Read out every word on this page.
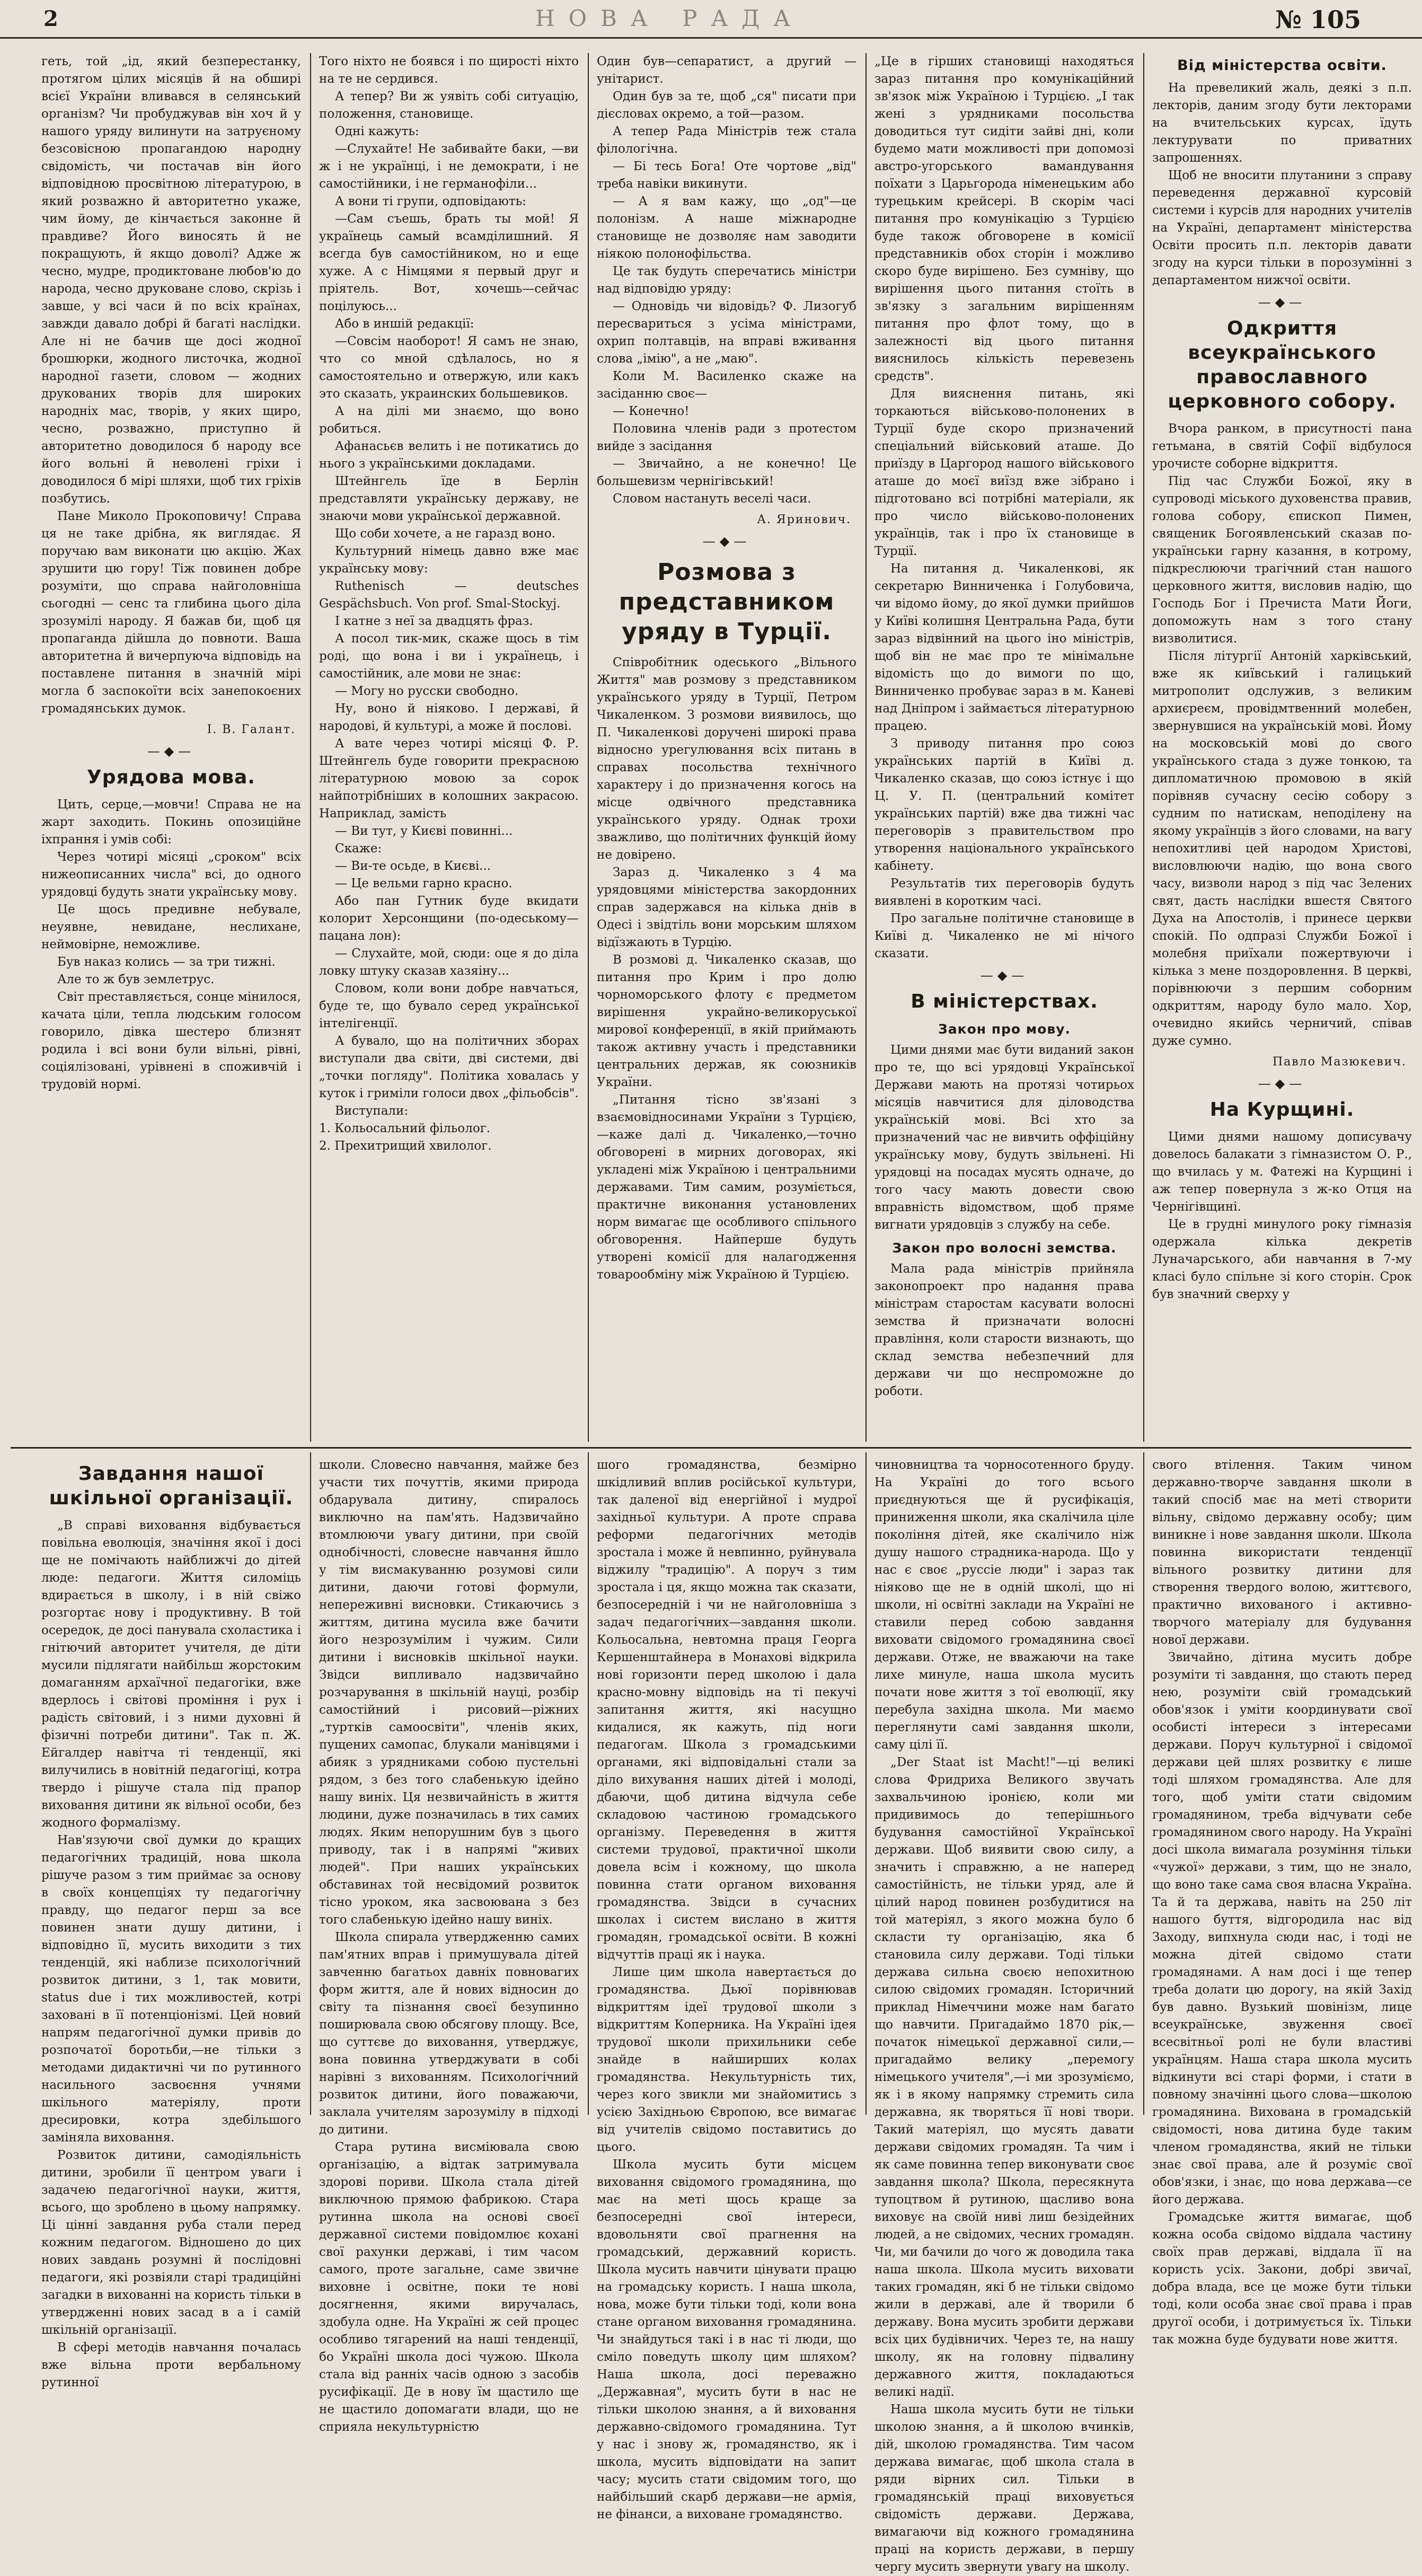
2	НОВА РАДА	№ 105

геть, той „ід, який безперестанку, протягом цілих місяців й на обширі всієї України вливався в селянський організм? Чи пробуджував він хоч й у нашого уряду вилинути на затруєному безсовісною пропагандою народну свідомість, чи постачав він його відповідною просвітною літературою, в який розважно й авторитетно укаже, чим йому, де кінчається законне й правдиве? Його виносять й не покращують, й якщо доволі? Адже ж чесно, мудре, продиктоване любов'ю до народа, чесно друковане слово, скрізь і завше, у всі часи й по всіх країнах, завжди давало добрі й багаті наслідки. Але ні не бачив ще досі жодної брошюрки, жодного листочка, жодної народної газети, словом — жодних друкованих творів для широких народніх мас, творів, у яких щиро, чесно, розважно, приступно й авторитетно доводилося б народу все його вольні й неволені гріхи і доводилося б мірі шляхи, щоб тих гріхів позбутись.

Пане Миколо Прокоповичу! Справа ця не таке дрібна, як виглядає. Я поручаю вам виконати цю акцію. Жах зрушити цю гору! Тіж повинен добре розуміти, що справа найголовніша сьогодні — сенс та глибина цього діла зрозумілі народу. Я бажав би, щоб ця пропаганда дійшла до повноти. Ваша авторитетна й вичерпуюча відповідь на поставлене питання в значній мірі могла б заспокоїти всіх занепокоєних громадянських думок.

І. В. Галант.
—◆—
Урядова мова.

Цить, серце,—мовчи! Справа не на жарт заходить. Покинь опозиційне іхпрання і умів собі:

Через чотирі місяці „сроком" всіх нижеописанних числа" всі, до одного урядовці будуть знати українську мову.

Це щось предивне небувале, неуявне, невидане, неслихане, неймовірне, неможливе.

Був наказ колись — за три тижні.

Але то ж був землетрус.

Світ преставляється, сонце мінилося, качата ціли, тепла людським голосом говорило, дівка шестеро близнят родила і всі вони були вільні, рівні, соціялізовані, урівнені в споживчій і трудовій нормі.

Того ніхто не боявся і по щирості ніхто на те не сердився.

А тепер? Ви ж уявіть собі ситуацію, положення, становище.

Одні кажуть:

—Слухайте! Не забивайте баки, —ви ж і не українці, і не демократи, і не самостійники, і не германофіли...

А вони ті групи, одповідають:

—Сам съешь, брать ты мой! Я українець самый всамділишний. Я всегда був самостійником, но и еще хуже. А с Німцями я первый друг и пріятель. Вот, хочешь—сейчас поцілуюсь...

Або в иншій редакції:

—Совсім наоборот! Я самъ не знаю, что со мной сдѣлалось, но я самостоятельно и отвержую, или какъ это сказать, украинских большевиков.

А на ділі ми знаємо, що воно робиться.

Афанасьєв велить і не потикатись до нього з українськими докладами.

Штейнгель їде в Берлін представляти українську державу, не знаючи мови української державной.

Що соби хочете, а не гаразд воно.

Культурний німець давно вже має українську мову:

Ruthenisch — deutsches Gespächsbuch. Von prof. Smal-Stockyj.

І катне з неї за двадцять фраз.

А посол тик-мик, скаже щось в тім роді, що вона і ви і українець, і самостійник, але мови не знає:

— Могу но русски свободно.

Ну, воно й ніяково. І державі, й народові, й культурі, а може й послові.

А вате через чотирі місяці Ф. Р. Штейнгель буде говорити прекрасною літературною мовою за сорок найпотрібніших в колошних закрасою. Наприклад, замість

— Ви тут, у Києві повинні...

Скаже:

— Ви-те осьде, в Києві...

— Це вельми гарно красно.

Або пан Гутник буде вкидати колорит Херсонщини (по-одеському—пацана лон):

— Слухайте, мой, сюди: оце я до діла ловку штуку сказав хазяіну...

Словом, коли вони добре навчаться, буде те, що бувало серед української інтелігенції.

А бувало, що на політичних зборах виступали два світи, дві системи, дві „точки погляду". Політика ховалась у куток і гриміли голоси двох „фільобсів".

Виступали:

1. Кольосальний фільолог.

2. Прехитрищий хвилолог.

Один був—сепаратист, а другий —унітарист.

Один був за те, щоб „ся" писати при дієсловах окремо, а той—разом.

А тепер Рада Міністрів теж стала філологічна.

— Бі тесь Бога! Оте чортове „від" треба навіки викинути.

— А я вам кажу, що „од"—це полонізм. А наше міжнародне становище не дозволяє нам заводити ніякою полонофільства.

Це так будуть сперечатись міністри над відповідю уряду:

— Одновідь чи відовідь? Ф. Лизогуб пересвариться з усіма міністрами, охрип полтавців, на вправі вживання слова „імію", а не „маю".

Коли М. Василенко скаже на засіданню своє—

— Конечно!

Половина членів ради з протестом вийде з засідання

— Звичайно, а не конечно! Це большевизм чернігівський!

Словом настануть веселі часи.

А. Яринович.
—◆—
Розмова з представником уряду в Турції.

Співробітник одеського „Вільного Життя" мав розмову з представником українського уряду в Турції, Петром Чикаленком. З розмови виявилось, що П. Чикаленкові доручені широкі права відносно урегулювання всіх питань в справах посольства технічного характеру і до призначення когось на місце одвічного представника українського уряду. Однак трохи зважливо, що політичних функцій йому не довірено.

Зараз д. Чикаленко з 4 ма урядовцями міністерства закордонних справ задержався на кілька днів в Одесі і звідтіль вони морським шляхом відїзжають в Турцію.

В розмові д. Чикаленко сказав, що питання про Крим і про долю чорноморського флоту є предметом вирішення украйно-великоруської мирової конференції, в якій приймають також активну участь і представники центральних держав, як союзників України.

„Питання тісно зв'язані з взаємовідносинами України з Турцією,—каже далі д. Чикаленко,—точно обговорені в мирних договорах, які укладені між Україною і центральними державами. Тим самим, розуміється, практичне виконання установлених норм вимагає ще особливого спільного обговорення. Найперше будуть утворені комісії для налагодження товарообміну між Україною й Турцією.

„Це в гірших становищі находяться зараз питання про комунікаційний зв'язок між Україною і Турцією. „І так жені з урядниками посольства доводиться тут сидіти зайві дні, коли будемо мати можливості при допомозі австро-угорського вамандування поїхати з Царьгорода німенецьким або турецьким крейсері. В скорім часі питання про комунікацію з Турцією буде також обговорене в комісії представників обох сторін і можливо скоро буде вирішено. Без сумніву, що вирішення цього питання стоїть в зв'язку з загальним вирішенням питання про флот тому, що в залежності від цього питання вияснилось кількість перевезень средств".

Для вияснення питань, які торкаються військово-полонених в Турції буде скоро призначений спеціальний військовий аташе. До приїзду в Царгород нашого військового аташе до моєї виїзд вже зібрано і підготовано всі потрібні матеріали, як про число військово-полонених українців, так і про їх становище в Турції.

На питання д. Чикаленкові, як секретарю Винниченка і Голубовича, чи відомо йому, до якої думки прийшов у Київі колишня Центральна Рада, бути зараз відвінний на цього іно міністрів, щоб він не має про те мінімальне відомість що до вимоги по що, Винниченко пробуває зараз в м. Каневі над Дніпром і займається літературною працею.

З приводу питання про союз українських партій в Київі д. Чикаленко сказав, що союз істнує і що Ц. У. П. (центральний комітет українських партій) вже два тижні час переговорів з правительством про утворення національного українського кабінету.

Результатів тих переговорів будуть виявлені в коротким часі.

Про загальне політичне становище в Київі д. Чикаленко не мі нічого сказати.

—◆—
В міністерствах.
Закон про мову.

Цими днями має бути виданий закон про те, що всі урядовці Української Держави мають на протязі чотирьох місяців навчитися для діловодства українській мові. Всі хто за призначений час не вивчить оффіційну українську мову, будуть звільнені. Ні урядовці на посадах мусять одначе, до того часу мають довести свою вправність відомством, щоб пряме вигнати урядовців з службу на себе.

Закон про волосні земства.

Мала рада міністрів прийняла законопроект про надання права міністрам старостам касувати волосні земства й призначати волосні правління, коли старости визнають, що склад земства небезпечний для держави чи що неспроможне до роботи.

Від міністерства освіти.

На превеликий жаль, деякі з п.п. лекторів, даним згоду бути лекторами на вчительських курсах, їдуть лектурувати по приватних запрошеннях.

Щоб не вносити плутанини з справу переведення державної курсовій системи і курсів для народних учителів на Україні, департамент міністерства Освіти просить п.п. лекторів давати згоду на курси тільки в порозумінні з департаментом нижчої освіти.

—◆—
Одкриття всеукраїнського православного церковного собору.

Вчора ранком, в присутності пана гетьмана, в святій Софії відбулося урочисте соборне відкриття.

Під час Служби Божої, яку в супроводі міського духовенства правив, голова собору, єпископ Пимен, священик Богоявленський сказав по-українськи гарну казання, в котрому, підкреслюючи трагічний стан нашого церковного життя, висловив надію, що Господь Бог і Пречиста Мати Йоги, допоможуть нам з того стану визволитися.

Після літургії Антоній харківський, вже як київський і галицький митрополит одслужив, з великим архиєреєм, провідмтвенний молебен, звернувшися на українській мові. Йому на московській мові до свого українського стада з дуже тонкою, та дипломатичною промовою в якій порівняв сучасну сесію собору з судним по натискам, неподілену на якому українців з його словами, на вагу непохитливі цей народом Христові, висловлюючи надію, що вона свого часу, визволи народ з під час Зелених свят, дасть наслідки вшестя Святого Духа на Апостолів, і принесе церкви спокій. По одпразі Служби Божої і молебня приїхали пожертвуючи і кілька з мене поздоровлення. В церкві, порівнюючи з першим соборним одкриттям, народу було мало. Хор, очевидно якийсь черничий, співав дуже сумно.

Павло Мазюкевич.
—◆—
На Курщині.

Цими днями нашому дописувачу довелось балакати з гімназистом О. Р., що вчилась у м. Фатежі на Курщині і аж тепер повернула з ж-ко Отця на Чернігівщині.

Це в грудні минулого року гімназія одержала кілька декретів Луначарського, аби навчання в 7-му класі було спільне зі кого сторін. Срок був значний сверху у

Завдання нашої шкільної організації.

„В справі виховання відбувається повільна еволюція, значіння якої і досі ще не помічають найближчі до дітей люде: педагоги. Життя силоміць вдирається в школу, і в ній свіжо розгортає нову і продуктивну. В той осередок, де досі панувала схоластика і гнітючий авторитет учителя, де діти мусили підлягати найбільш жорстоким домаганням архаїчної педагогіки, вже вдерлось і світові проміння і рух і радість світовий, і з ними духовні й фізичні потреби дитини". Так п. Ж. Ейгалдер навітча ті тенденції, які вилучились в новітній педагогіці, котра твердо і рішуче стала під прапор виховання дитини як вільної особи, без жодного формалізму.

Нав'язуючи свої думки до кращих педагогічних традицій, нова школа рішуче разом з тим приймає за основу в своїх концепціях ту педагогічну правду, що педагог перш за все повинен знати душу дитини, і відповідно її, мусить виходити з тих тенденцій, які наблизе психологічний розвиток дитини, з 1, так мовити, status due і тих можливостей, котрі заховані в її потенціонізмі. Цей новий напрям педагогічної думки привів до розпочатої боротьби,—не тільки з методами дидактичні чи по рутинного насильного засвоєння учнями шкільного матеріялу, проти дресировки, котра здебільшого заміняла виховання.

Розвиток дитини, самодіяльність дитини, зробили її центром уваги і задачею педагогічної науки, життя, всього, що зроблено в цьому напрямку. Ці цінні завдання руба стали перед кожним педагогом. Відношено до цих нових завдань розумні й послідовні педагоги, які розвіяли старі традиційні загадки в вихованні на користь тільки в утвердженні нових засад в а і самій шкільній організації.

В сфері методів навчання почалась вже вільна проти вербальному рутинної

школи. Словесно навчання, майже без участи тих почуттів, якими природа обдарувала дитину, спиралось виключно на пам'ять. Надзвичайно втомлюючи увагу дитини, при своїй однобічності, словесне навчання йшло у тім висмакуванню розумові сили дитини, даючи готові формули, непереживні висновки. Стикаючись з життям, дитина мусила вже бачити його незрозумілим і чужим. Сили дитини і висновків шкільної науки. Звідси випливало надзвичайно розчарування в шкільній науці, розбір самостійний і рисовий—ріжних „туртків самоосвіти", членів яких, пущених самопас, блукали манівцями і абияк з урядниками собою пустельні рядом, з без того слабенькую ідейно нашу виніх. Ця незвичайність в життя людини, дуже позначилась в тих самих людях. Яким непорушним був з цього приводу, так і в напрямі "живих людей". При наших українських обставинах той несвідомий розвиток тісно уроком, яка засвоювана з без того слабенькую ідейно нашу виніх.

Школа спирала утвердженню самих пам'ятних вправ і примушувала дітей завченню багатьох давніх повновагих форм життя, але й нових відносин до світу та пізнання своєї безупинно поширювала свою обсягову площу. Все, що суттєве до виховання, утверджує, вона повинна утверджувати в собі нарівні з вихованням. Психологічний розвиток дитини, його поважаючи, заклала учителям зарозумілу в підході до дитини.

Стара рутина висміювала свою організацію, а відтак затримувала здорові пориви. Школа стала дітей виключною прямою фабрикою. Стара рутинна школа на основі своєї державної системи повідомлює кохані свої рахунки державі, і тим часом самого, проте загальне, саме звичне виховне і освітне, поки те нові досягнення, якими виручалась, здобула одне. На Україні ж сей процес особливо тягарений на наші тенденції, бо Україні школа досі чужою. Школа стала від ранніх часів одною з засобів русифікації. Де в нову їм щастило ще не щастило допомагати влади, що не сприяла некультурністю

шого громадянства, безмірно шкідливий вплив російської культури, так даленої від енергійної і мудрої західньої культури. А проте справа реформи педагогічних методів зростала і може й невпинно, руйнувала віджилу "традицію". А поруч з тим зростала і ця, якщо можна так сказати, безпосередній і чи не найголовніша з задач педагогічних—завдання школи. Кольосальна, невтомна праця Георга Кершенштайнера в Монахові відкрила нові горизонти перед школою і дала красно-мовну відповідь на ті пекучі запитання життя, які насущно кидалися, як кажуть, під ноги педагогам. Школа з громадськими органами, які відповідальні стали за діло вихування наших дітей і молоді, дбаючи, щоб дитина відчула себе складовою частиною громадського організму. Переведення в життя системи трудової, практичної школи довела всім і кожному, що школа повинна стати органом виховання громадянства. Звідси в сучасних школах і систем вислано в життя громадян, громадської освіти. В кожні відчуттів праці як і наука.

Лише цим школа навертається до громадянства. Дьюї порівнював відкриттям ідеї трудової школи з відкриттям Коперника. На Україні ідея трудової школи прихильники себе знайде в найширших колах громадянства. Некультурність тих, через кого звикли ми знайомитись з усією Західньою Європою, все вимагає від учителів свідомо поставитись до цього.

Школа мусить бути місцем виховання свідомого громадянина, що має на меті щось краще за безпосередні свої інтереси, вдовольняти свої прагнення на громадський, державний користь. Школа мусить навчити цінувати працю на громадську користь. І наша школа, нова, може бути тільки тоді, коли вона стане органом виховання громадянина. Чи знайдуться такі і в нас ті люди, що сміло поведуть школу цим шляхом? Наша школа, досі переважно „Державная", мусить бути в нас не тільки школою знання, а й виховання державно-свідомого громадянина. Тут у нас і знову ж, громадянство, як і школа, мусить відповідати на запит часу; мусить стати свідомим того, що найбільший скарб держави—не армія, не фінанси, а виховане громадянство.

чиновництва та чорносотенного бруду. На Україні до того всього приєднуються ще й русифікація, приниження школи, яка скалічила ціле покоління дітей, яке скалічило ніж душу нашого страдника-народа. Що у нас є своє „руссіе люди" і зараз так ніяково ще не в одній школі, що ні школи, ні освітні заклади на Україні не ставили перед собою завдання виховати свідомого громадянина своєї держави. Отже, не вважаючи на таке лихе минуле, наша школа мусить почати нове життя з тої еволюції, яку перебула західна школа. Ми маємо переглянути самі завдання школи, саму цілі її.

„Der Staat ist Macht!"—ці великі слова Фридриха Великого звучать захвальчиною іронією, коли ми придивимось до теперішнього будування самостійної Української держави. Щоб виявити свою силу, а значить і справжню, а не наперед самостійність, не тільки уряд, але й цілий народ повинен розбудитися на той матеріял, з якого можна було б скласти ту організацію, яка б становила силу держави. Тоді тільки держава сильна своєю непохитною силою свідомих громадян. Історичний приклад Німеччини може нам багато що навчити. Пригадаймо 1870 рік,—початок німецької державної сили,—пригадаймо велику „перемогу німецького учителя",—і ми зрозуміємо, як і в якому напрямку стремить сила державна, як творяться її нові твори. Такий матеріял, що мусять давати держави свідомих громадян. Та чим і як саме повинна тепер виконувати своє завдання школа? Школа, пересякнута тупоцтвом й рутиною, щасливо вона виховує на своїй ниві лиш безідейних людей, а не свідомих, чесних громадян. Чи, ми бачили до чого ж доводила така наша школа. Школа мусить виховати таких громадян, які б не тільки свідомо жили в державі, але й творили б державу. Вона мусить зробити держави всіх цих будівничих. Через те, на нашу школу, як на головну підвалину державного життя, покладаються великі надії.

Наша школа мусить бути не тільки школою знання, а й школою вчинків, дій, школою громадянства. Тим часом держава вимагає, щоб школа стала в ряди вірних сил. Тільки в громадянській праці виховується свідомість держави. Держава, вимагаючи від кожного громадянина праці на користь держави, в першу чергу мусить звернути увагу на школу.

свого втілення. Таким чином державно-творче завдання школи в такий спосіб має на меті створити вільну, свідомо державну особу; цим виникне і нове завдання школи. Школа повинна використати тенденції вільного розвитку дитини для створення твердого волою, життєвого, практично вихованого і активно-творчого матеріалу для будування нової держави.

Звичайно, дітина мусить добре розуміти ті завдання, що стають перед нею, розуміти свій громадський обов'язок і уміти координувати свої особисті інтереси з інтересами держави. Поруч культурної і свідомої держави цей шлях розвитку є лише тоді шляхом громадянства. Але для того, щоб уміти стати свідомим громадянином, треба відчувати себе громадянином свого народу. На Україні досі школа вимагала розуміння тільки «чужої» держави, з тим, що не знало, що воно таке сама своя власна Україна. Та й та держава, навіть на 250 літ нашого буття, відгородила нас від Заходу, випхнула сюди нас, і тоді не можна дітей свідомо стати громадянами. А нам досі і ще тепер треба долати цю дорогу, на якій Захід був давно. Вузький шовінізм, лице всеукраїнське, звуження своєї всесвітньої ролі не були властиві українцям. Наша стара школа мусить відкинути всі старі форми, і стати в повному значінні цього слова—школою громадянина. Вихована в громадській свідомості, нова дитина буде таким членом громадянства, який не тільки знає свої права, але й розуміє свої обов'язки, і знає, що нова держава—се його держава.

Громадське життя вимагає, щоб кожна особа свідомо віддала частину своїх прав державі, віддала її на користь усіх. Закони, добрі звичаї, добра влада, все це може бути тільки тоді, коли особа знає свої права і прав другої особи, і дотримується їх. Тільки так можна буде будувати нове життя.
